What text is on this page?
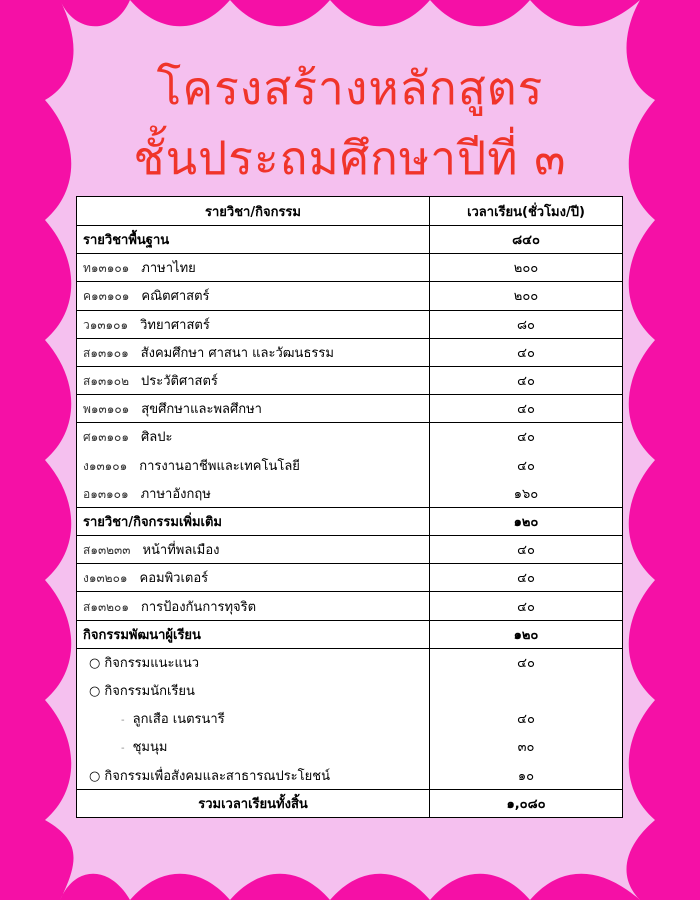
โครงสร้างหลักสูตร
ชั้นประถมศึกษาปีที่ ๓
รายวิชา/กิจกรรม	เวลาเรียน(ชั่วโมง/ปี)
รายวิชาพื้นฐาน	๘๔๐
ท๑๓๑๐๑ ภาษาไทย	๒๐๐
ค๑๓๑๐๑ คณิตศาสตร์	๒๐๐
ว๑๓๑๐๑ วิทยาศาสตร์	๘๐
ส๑๓๑๐๑ สังคมศึกษา ศาสนา และวัฒนธรรม	๔๐
ส๑๓๑๐๒ ประวัติศาสตร์	๔๐
พ๑๓๑๐๑ สุขศึกษาและพลศึกษา	๔๐
ศ๑๓๑๐๑ ศิลปะ	๔๐
ง๑๓๑๐๑ การงานอาชีพและเทคโนโลยี	๔๐
อ๑๓๑๐๑ ภาษาอังกฤษ	๑๖๐
รายวิชา/กิจกรรมเพิ่มเติม	๑๒๐
ส๑๓๒๓๓ หน้าที่พลเมือง	๔๐
ง๑๓๒๐๑ คอมพิวเตอร์	๔๐
ส๑๓๒๐๑ การป้องกันการทุจริต	๔๐
กิจกรรมพัฒนาผู้เรียน	๑๒๐
○ กิจกรรมแนะแนว	๔๐
○ กิจกรรมนักเรียน	
- ลูกเสือ เนตรนารี	๔๐
- ชุมนุม	๓๐
○ กิจกรรมเพื่อสังคมและสาธารณประโยชน์	๑๐
รวมเวลาเรียนทั้งสิ้น	๑,๐๘๐
